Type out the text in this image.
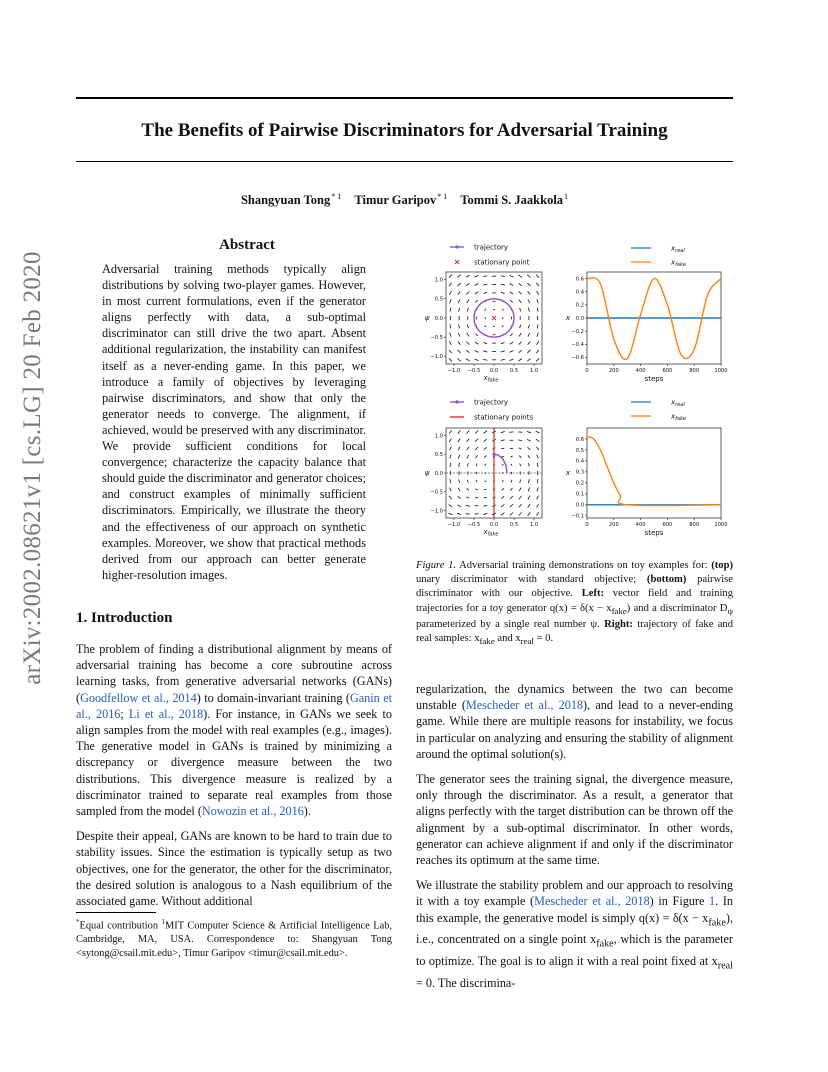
arXiv:2002.08621v1 [cs.LG] 20 Feb 2020
The Benefits of Pairwise Discriminators for Adversarial Training
Shangyuan Tong$^{* 1}$ Timur Garipov$^{* 1}$ Tommi S. Jaakkola$^1$
Abstract
Adversarial training methods typically align distributions by solving two-player games. However, in most current formulations, even if the generator aligns perfectly with data, a sub-optimal discriminator can still drive the two apart. Absent additional regularization, the instability can manifest itself as a never-ending game. In this paper, we introduce a family of objectives by leveraging pairwise discriminators, and show that only the generator needs to converge. The alignment, if achieved, would be preserved with any discriminator. We provide sufficient conditions for local convergence; characterize the capacity balance that should guide the discriminator and generator choices; and construct examples of minimally sufficient discriminators. Empirically, we illustrate the theory and the effectiveness of our approach on synthetic examples. Moreover, we show that practical methods derived from our approach can better generate higher-resolution images.
1. Introduction

The problem of finding a distributional alignment by means of adversarial training has become a core subroutine across learning tasks, from generative adversarial networks (GANs) (Goodfellow et al., 2014) to domain-invariant training (Ganin et al., 2016; Li et al., 2018). For instance, in GANs we seek to align samples from the model with real examples (e.g., images). The generative model in GANs is trained by minimizing a discrepancy or divergence measure between the two distributions. This divergence measure is realized by a discriminator trained to separate real examples from those sampled from the model (Nowozin et al., 2016).

Despite their appeal, GANs are known to be hard to train due to stability issues. Since the estimation is typically setup as two objectives, one for the generator, the other for the discriminator, the desired solution is analogous to a Nash equilibrium of the associated game. Without additional

*Equal contribution $^1$MIT Computer Science & Artificial Intelligence Lab, Cambridge, MA, USA. Correspondence to: Shangyuan Tong <sytong@csail.mit.edu>, Timur Garipov <timur@csail.mit.edu>.
−1.0 −0.5 0.0 0.5 1.0
1.0
0.5
0.0
−0.5
−1.0
$x_{fake}$
ψ
trajectory
stationary point
−1.0 −0.5 0.0 0.5 1.0
1.0
0.5
0.0
−0.5
−1.0
$x_{fake}$
ψ
trajectory
stationary points
0	200	400	600	800	1000
0.6
0.4
0.2
0.0
−0.2
−0.4
−0.6
steps
x
$x_{real}$
$x_{fake}$
0	200	400	600	800	1000
0.6
0.5
0.4
0.3
0.2
0.1
0.0
−0.1
steps
x
$x_{real}$
$x_{fake}$
Figure 1. Adversarial training demonstrations on toy examples for: (top) unary discriminator with standard objective; (bottom) pairwise discriminator with our objective. Left: vector field and training trajectories for a toy generator $q(x) = \delta(x - x_{fake})$ and a discriminator $D_\psi$ parameterized by a single real number ψ. Right: trajectory of fake and real samples: $x_{fake}$ and $x_{real} = 0$.

regularization, the dynamics between the two can become unstable (Mescheder et al., 2018), and lead to a never-ending game. While there are multiple reasons for instability, we focus in particular on analyzing and ensuring the stability of alignment around the optimal solution(s).

The generator sees the training signal, the divergence measure, only through the discriminator. As a result, a generator that aligns perfectly with the target distribution can be thrown off the alignment by a sub-optimal discriminator. In other words, generator can achieve alignment if and only if the discriminator reaches its optimum at the same time.

We illustrate the stability problem and our approach to resolving it with a toy example (Mescheder et al., 2018) in Figure 1. In this example, the generative model is simply $q(x) = \delta(x - x_{fake})$, i.e., concentrated on a single point $x_{fake}$, which is the parameter to optimize. The goal is to align it with a real point fixed at $x_{real} = 0$. The discrimina-
